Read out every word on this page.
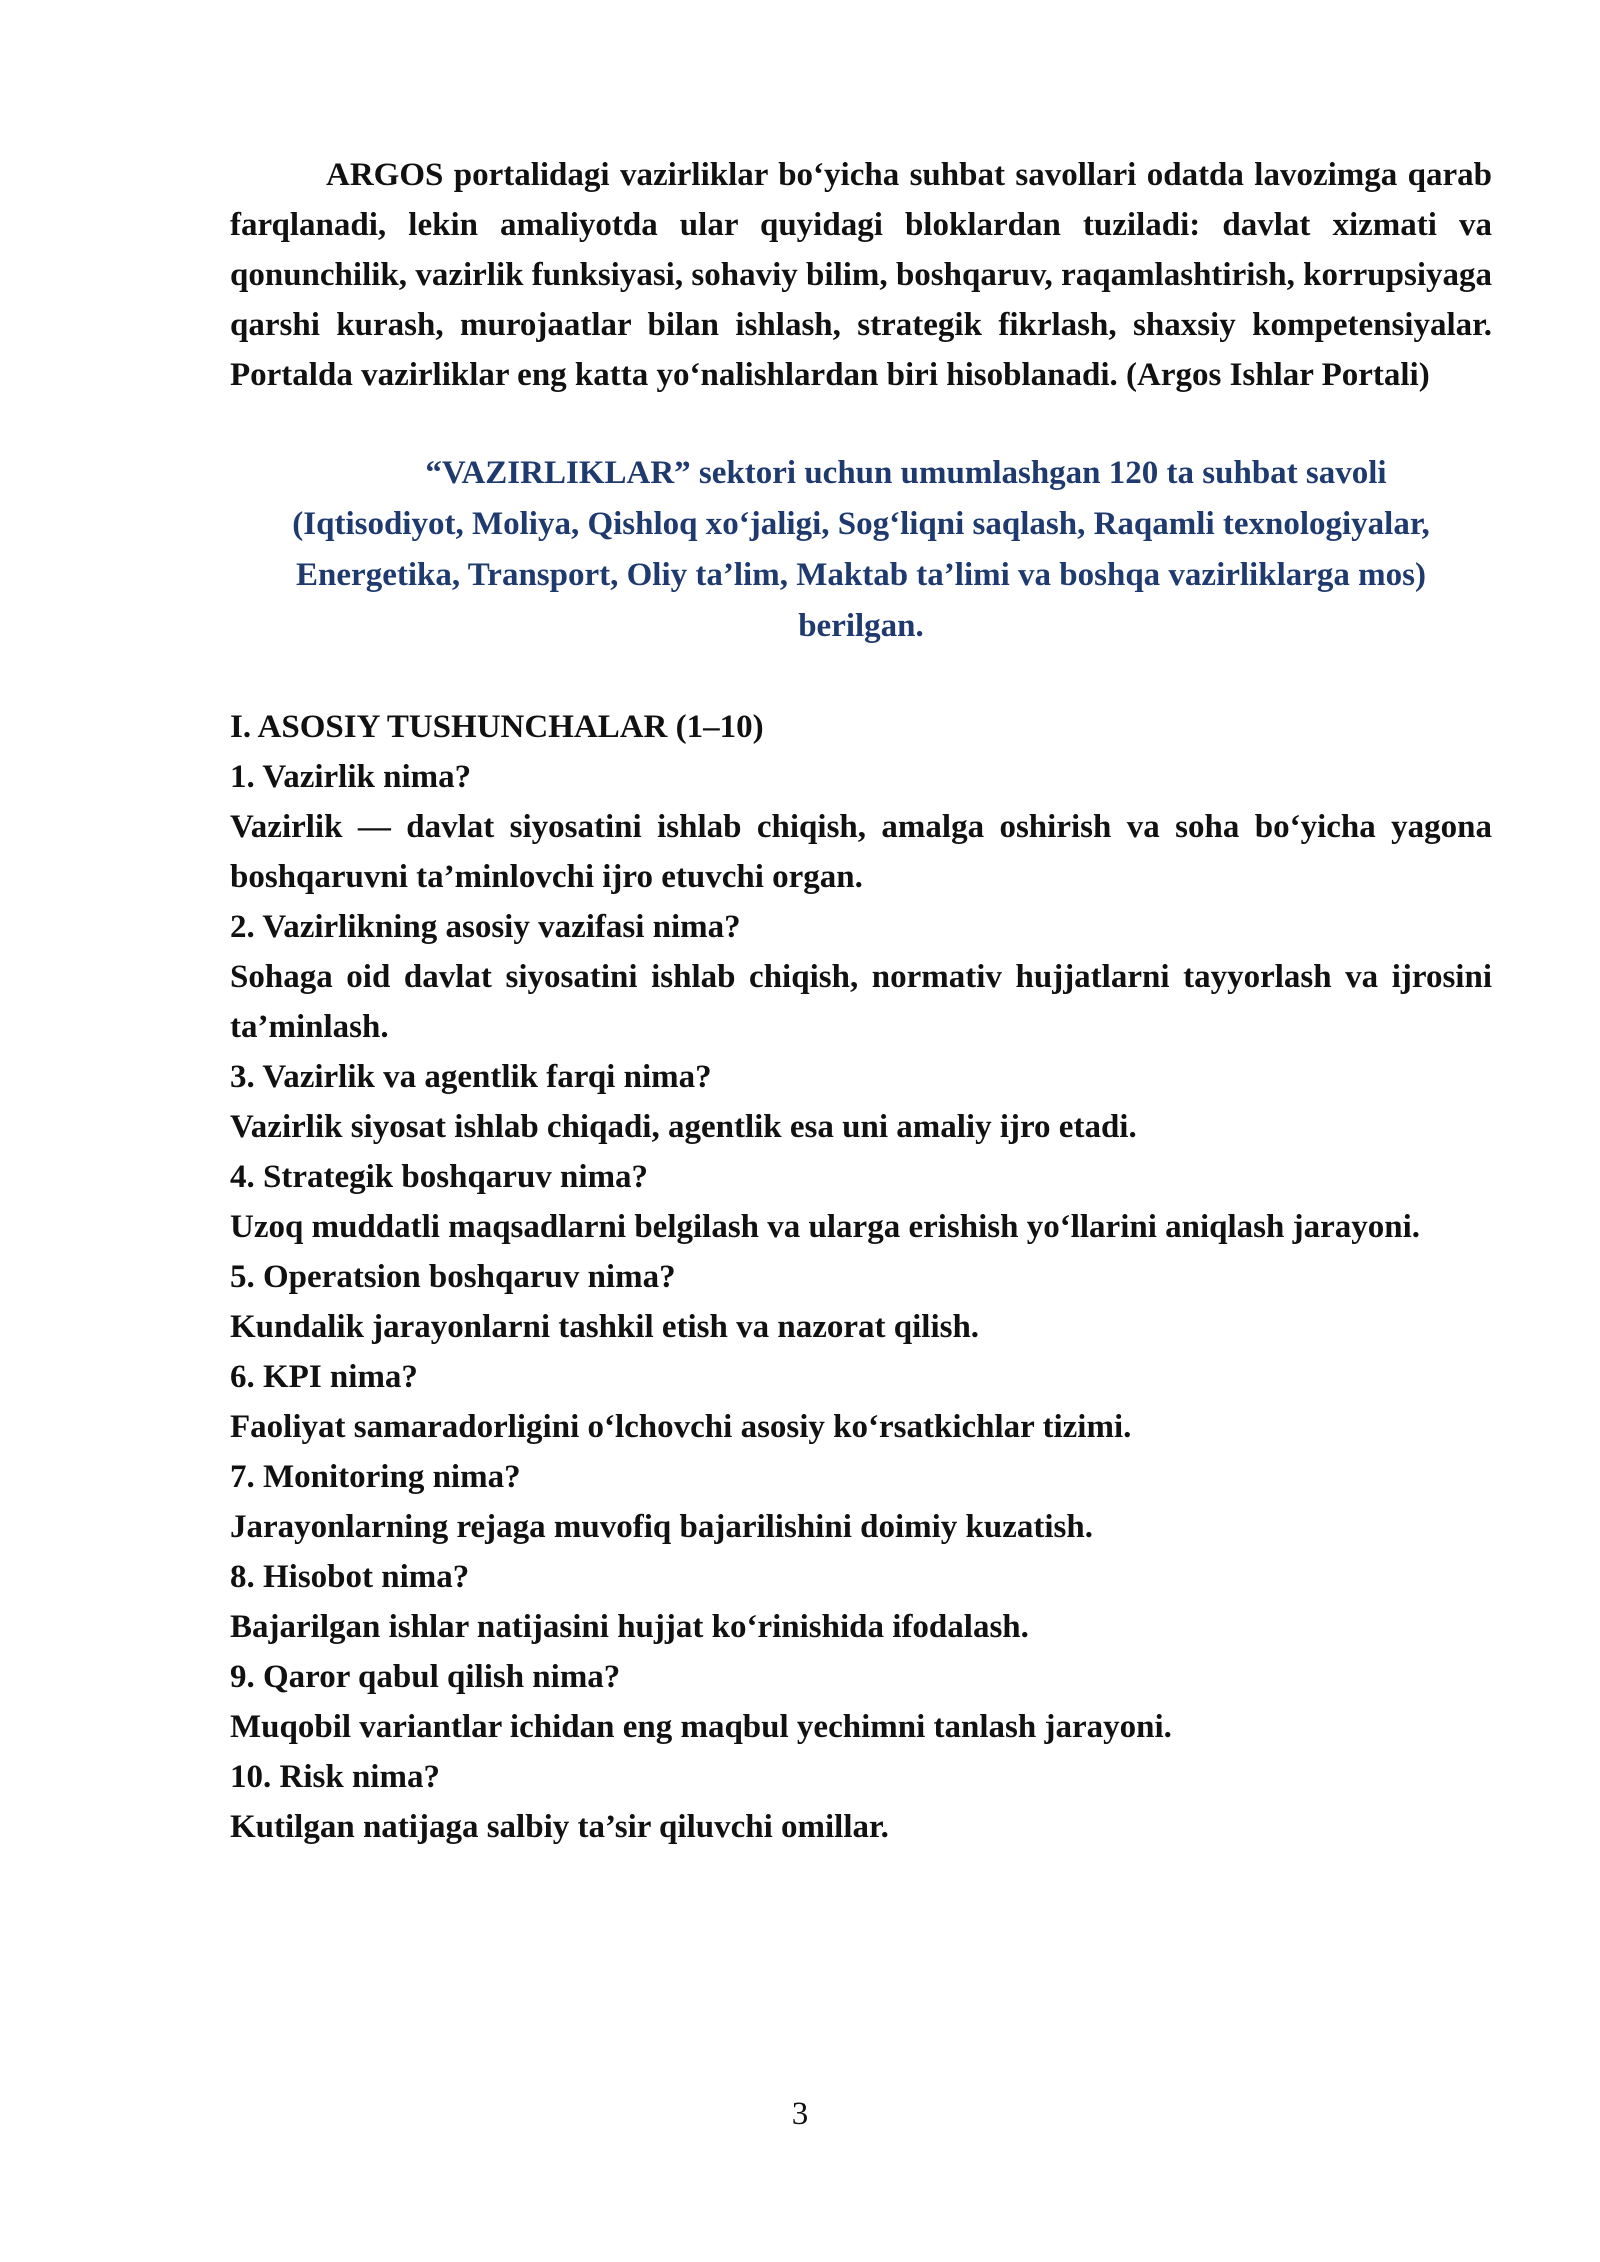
ARGOS portalidagi vazirliklar bo‘yicha suhbat savollari odatda lavozimga qarab farqlanadi, lekin amaliyotda ular quyidagi bloklardan tuziladi: davlat xizmati va qonunchilik, vazirlik funksiyasi, sohaviy bilim, boshqaruv, raqamlashtirish, korrupsiyaga qarshi kurash, murojaatlar bilan ishlash, strategik fikrlash, shaxsiy kompetensiyalar. Portalda vazirliklar eng katta yo‘nalishlardan biri hisoblanadi. (Argos Ishlar Portali)

“VAZIRLIKLAR” sektori uchun umumlashgan 120 ta suhbat savoli
(Iqtisodiyot, Moliya, Qishloq xo‘jaligi, Sog‘liqni saqlash, Raqamli texnologiyalar, Energetika, Transport, Oliy ta’lim, Maktab ta’limi va boshqa vazirliklarga mos) berilgan.

I. ASOSIY TUSHUNCHALAR (1–10)

1. Vazirlik nima?

Vazirlik — davlat siyosatini ishlab chiqish, amalga oshirish va soha bo‘yicha yagona boshqaruvni ta’minlovchi ijro etuvchi organ.

2. Vazirlikning asosiy vazifasi nima?

Sohaga oid davlat siyosatini ishlab chiqish, normativ hujjatlarni tayyorlash va ijrosini ta’minlash.

3. Vazirlik va agentlik farqi nima?

Vazirlik siyosat ishlab chiqadi, agentlik esa uni amaliy ijro etadi.

4. Strategik boshqaruv nima?

Uzoq muddatli maqsadlarni belgilash va ularga erishish yo‘llarini aniqlash jarayoni.

5. Operatsion boshqaruv nima?

Kundalik jarayonlarni tashkil etish va nazorat qilish.

6. KPI nima?

Faoliyat samaradorligini o‘lchovchi asosiy ko‘rsatkichlar tizimi.

7. Monitoring nima?

Jarayonlarning rejaga muvofiq bajarilishini doimiy kuzatish.

8. Hisobot nima?

Bajarilgan ishlar natijasini hujjat ko‘rinishida ifodalash.

9. Qaror qabul qilish nima?

Muqobil variantlar ichidan eng maqbul yechimni tanlash jarayoni.

10. Risk nima?

Kutilgan natijaga salbiy ta’sir qiluvchi omillar.

3
